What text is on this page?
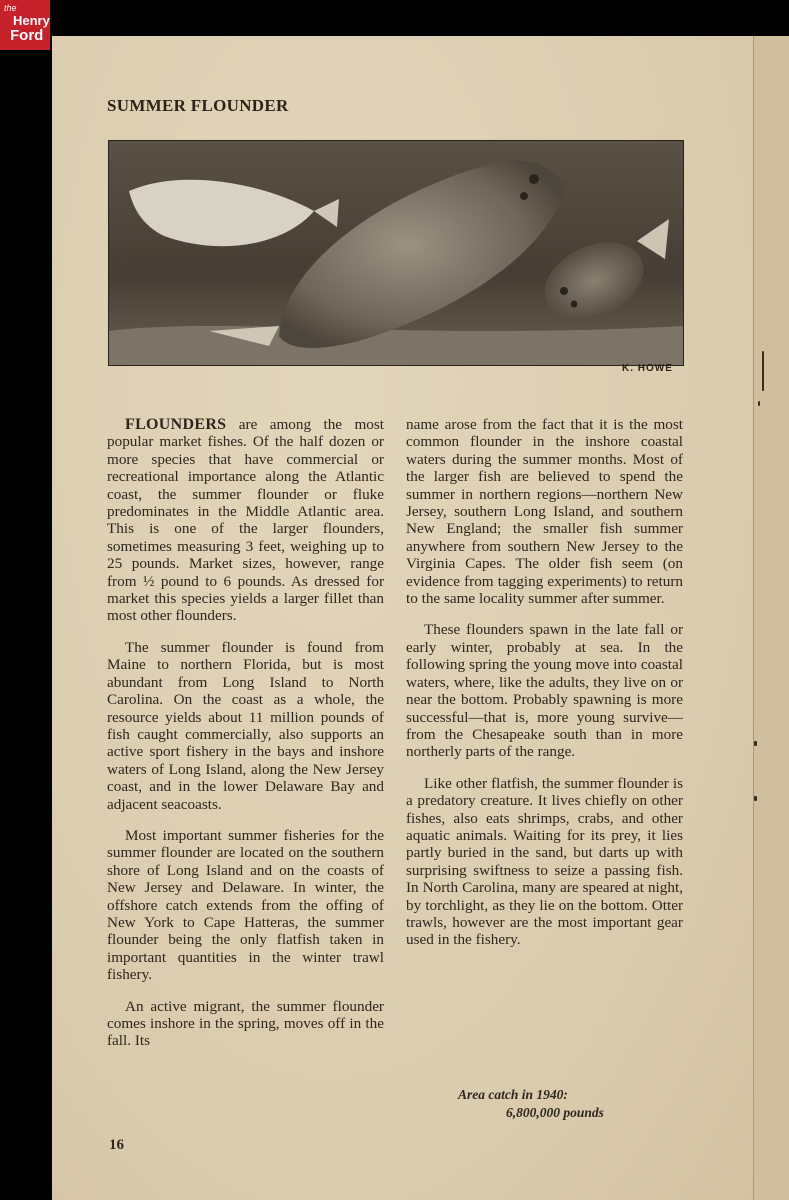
the
Henry
Ford
SUMMER FLOUNDER
K. HOWE

FLOUNDERS are among the most popular market fishes. Of the half dozen or more species that have commercial or recreational importance along the Atlantic coast, the summer flounder or fluke predominates in the Middle Atlantic area. This is one of the larger flounders, sometimes measuring 3 feet, weighing up to 25 pounds. Market sizes, however, range from ½ pound to 6 pounds. As dressed for market this species yields a larger fillet than most other flounders.

The summer flounder is found from Maine to northern Florida, but is most abundant from Long Island to North Carolina. On the coast as a whole, the resource yields about 11 million pounds of fish caught commercially, also supports an active sport fishery in the bays and inshore waters of Long Island, along the New Jersey coast, and in the lower Delaware Bay and adjacent seacoasts.

Most important summer fisheries for the summer flounder are located on the southern shore of Long Island and on the coasts of New Jersey and Delaware. In winter, the offshore catch extends from the offing of New York to Cape Hatteras, the summer flounder being the only flatfish taken in important quantities in the winter trawl fishery.

An active migrant, the summer flounder comes inshore in the spring, moves off in the fall. Its

name arose from the fact that it is the most common flounder in the inshore coastal waters during the summer months. Most of the larger fish are believed to spend the summer in northern regions—northern New Jersey, southern Long Island, and southern New England; the smaller fish summer anywhere from southern New Jersey to the Virginia Capes. The older fish seem (on evidence from tagging experiments) to return to the same locality summer after summer.

These flounders spawn in the late fall or early winter, probably at sea. In the following spring the young move into coastal waters, where, like the adults, they live on or near the bottom. Probably spawning is more successful—that is, more young survive—from the Chesapeake south than in more northerly parts of the range.

Like other flatfish, the summer flounder is a predatory creature. It lives chiefly on other fishes, also eats shrimps, crabs, and other aquatic animals. Waiting for its prey, it lies partly buried in the sand, but darts up with surprising swiftness to seize a passing fish. In North Carolina, many are speared at night, by torchlight, as they lie on the bottom. Otter trawls, however are the most important gear used in the fishery.

Area catch in 1940:
6,800,000 pounds
16
